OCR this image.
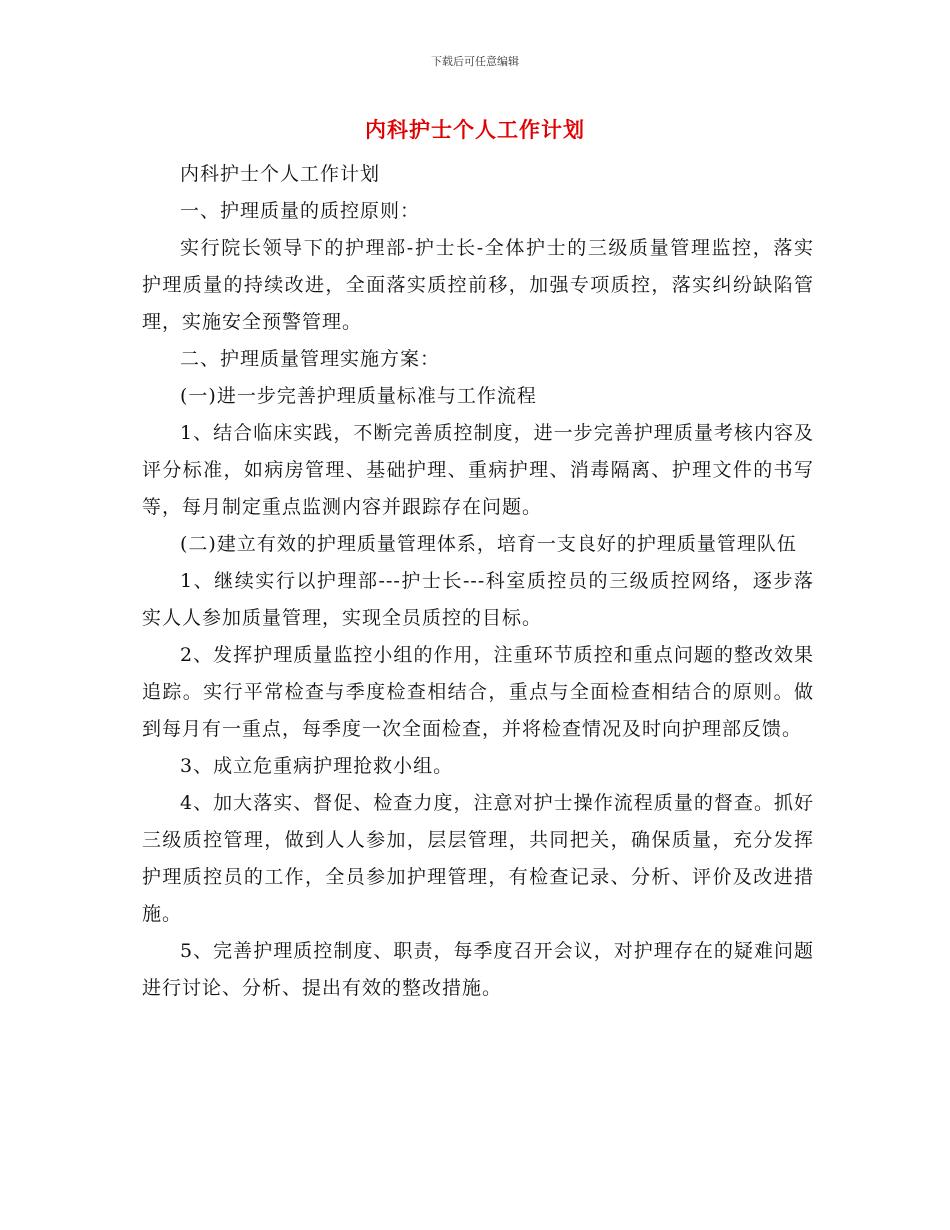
下载后可任意编辑
内科护士个人工作计划

内科护士个人工作计划

一、护理质量的质控原则：

实行院长领导下的护理部-护士长-全体护士的三级质量管理监控，落实护理质量的持续改进，全面落实质控前移，加强专项质控，落实纠纷缺陷管理，实施安全预警管理。

二、护理质量管理实施方案：

(一)进一步完善护理质量标准与工作流程

1、结合临床实践，不断完善质控制度，进一步完善护理质量考核内容及评分标准，如病房管理、基础护理、重病护理、消毒隔离、护理文件的书写等，每月制定重点监测内容并跟踪存在问题。

(二)建立有效的护理质量管理体系，培育一支良好的护理质量管理队伍

1、继续实行以护理部---护士长---科室质控员的三级质控网络，逐步落实人人参加质量管理，实现全员质控的目标。

2、发挥护理质量监控小组的作用，注重环节质控和重点问题的整改效果追踪。实行平常检查与季度检查相结合，重点与全面检查相结合的原则。做到每月有一重点，每季度一次全面检查，并将检查情况及时向护理部反馈。

3、成立危重病护理抢救小组。

4、加大落实、督促、检查力度，注意对护士操作流程质量的督查。抓好三级质控管理，做到人人参加，层层管理，共同把关，确保质量，充分发挥护理质控员的工作，全员参加护理管理，有检查记录、分析、评价及改进措施。

5、完善护理质控制度、职责，每季度召开会议，对护理存在的疑难问题进行讨论、分析、提出有效的整改措施。
